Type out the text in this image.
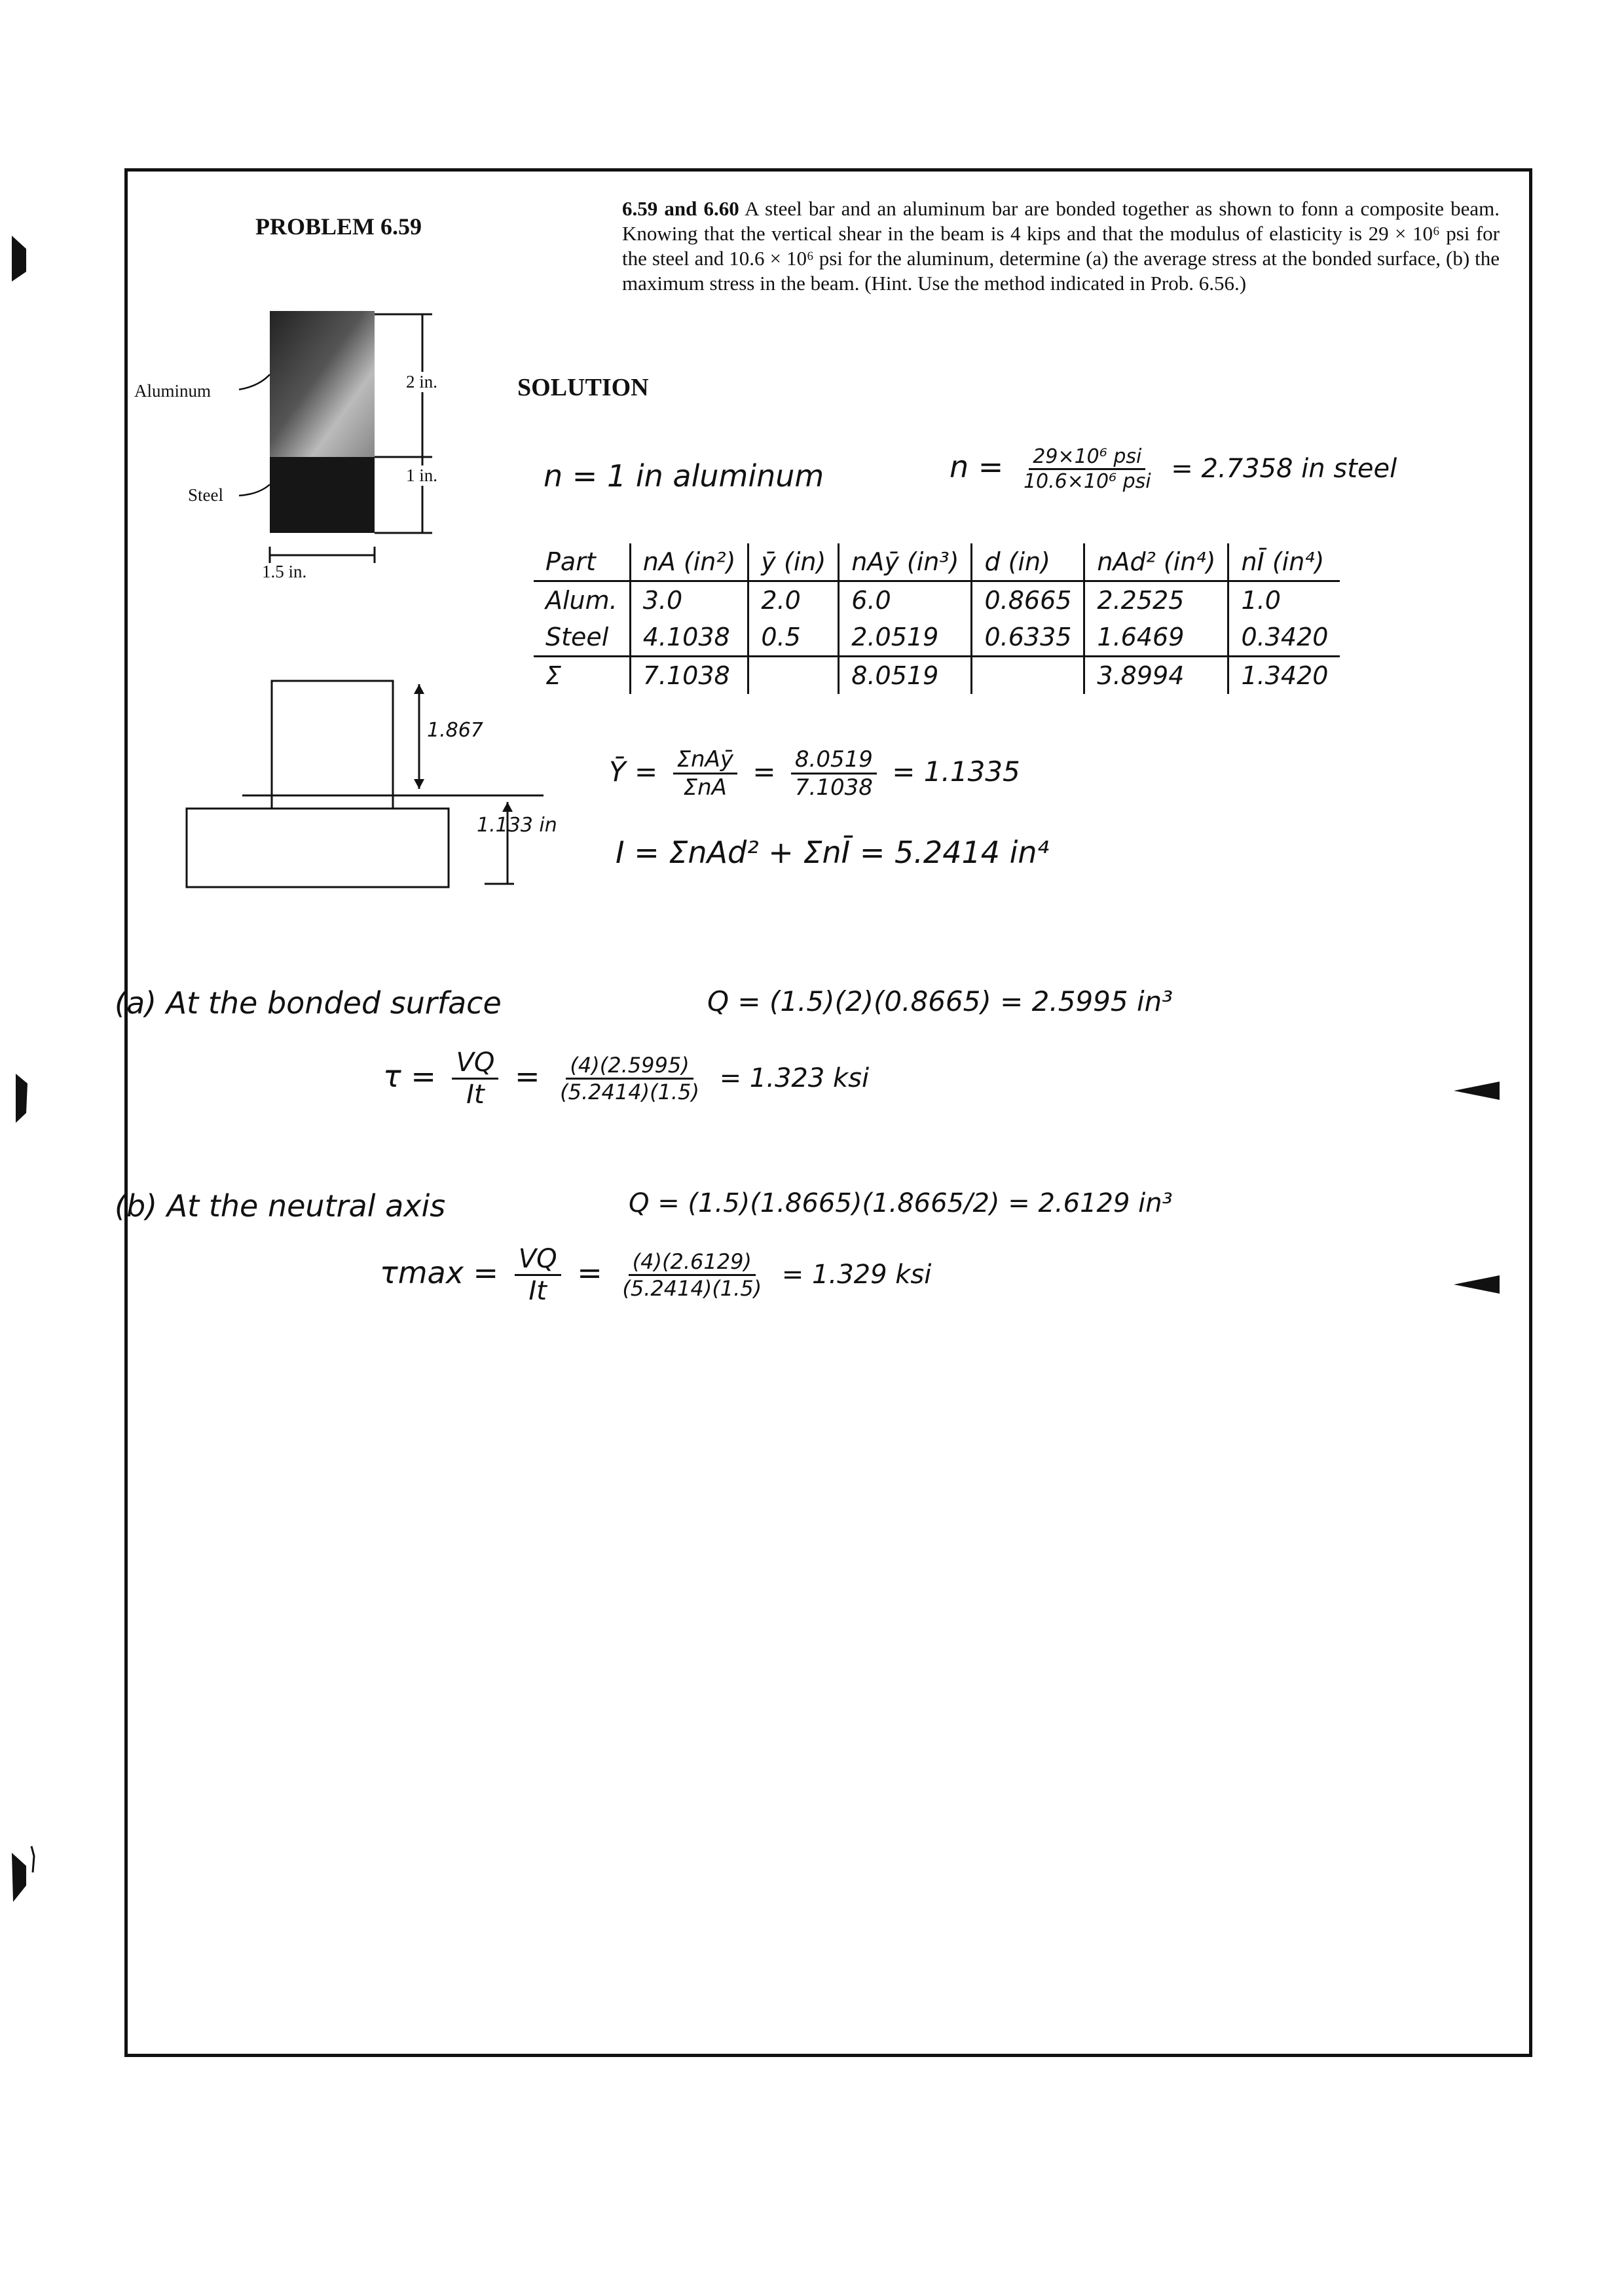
PROBLEM 6.59
6.59 and 6.60 A steel bar and an aluminum bar are bonded together as shown to fonn a composite beam. Knowing that the vertical shear in the beam is 4 kips and that the modulus of elasticity is 29 × 10⁶ psi for the steel and 10.6 × 10⁶ psi for the aluminum, determine (a) the average stress at the bonded surface, (b) the maximum stress in the beam. (Hint. Use the method indicated in Prob. 6.56.)
Aluminum
Steel
2 in.
1 in.
1.5 in.
SOLUTION
n = 1 in aluminum	$n = \frac{\text{29×10⁶ psi}}{\text{10.6×10⁶ psi}} = 2.7358$ in steel
Part	nA (in²)	ȳ (in)	nAȳ (in³)	d (in)	nAd² (in⁴)	nĪ (in⁴)
Alum.	3.0	2.0	6.0	0.8665	2.2525	1.0
Steel	4.1038	0.5	2.0519	0.6335	1.6469	0.3420
Σ	7.1038		8.0519		3.8994	1.3420
1.867
1.133 in
Ȳ = $\frac{\text{ΣnAȳ}}{\text{ΣnA}} = \frac{8.0519}{7.1038} = 1.1335$
I = ΣnAd² + ΣnĪ = 5.2414 in⁴
(a) At the bonded surface	Q = (1.5)(2)(0.8665) = 2.5995 in³
$\tau = \frac{VQ}{It} = \frac{(4)(2.5995)}{(5.2414)(1.5)} = 1.323$ ksi
(b) At the neutral axis	Q = (1.5)(1.8665)(1.8665/2) = 2.6129 in³
$\tau\max = \frac{VQ}{It} = \frac{(4)(2.6129)}{(5.2414)(1.5)} = 1.329$ ksi
